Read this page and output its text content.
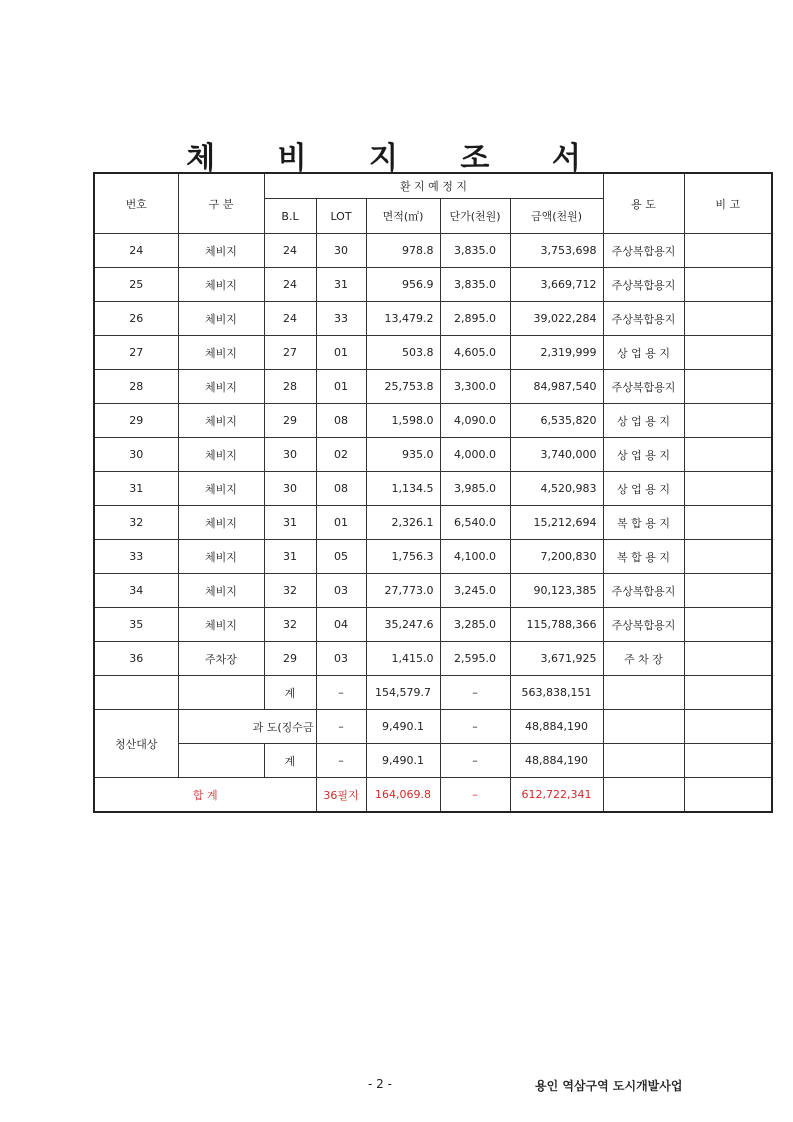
체 비 지 조 서
번호	구 분	환 지 예 정 지					용 도	비 고
		B.L	LOT	면적(㎡)	단가(천원)	금액(천원)		
24	체비지	24	30	978.8	3,835.0	3,753,698	주상복합용지	
25	체비지	24	31	956.9	3,835.0	3,669,712	주상복합용지	
26	체비지	24	33	13,479.2	2,895.0	39,022,284	주상복합용지	
27	체비지	27	01	503.8	4,605.0	2,319,999	상 업 용 지	
28	체비지	28	01	25,753.8	3,300.0	84,987,540	주상복합용지	
29	체비지	29	08	1,598.0	4,090.0	6,535,820	상 업 용 지	
30	체비지	30	02	935.0	4,000.0	3,740,000	상 업 용 지	
31	체비지	30	08	1,134.5	3,985.0	4,520,983	상 업 용 지	
32	체비지	31	01	2,326.1	6,540.0	15,212,694	복 합 용 지	
33	체비지	31	05	1,756.3	4,100.0	7,200,830	복 합 용 지	
34	체비지	32	03	27,773.0	3,245.0	90,123,385	주상복합용지	
35	체비지	32	04	35,247.6	3,285.0	115,788,366	주상복합용지	
36	주차장	29	03	1,415.0	2,595.0	3,671,925	주 차 장	
		계	–	154,579.7	–	563,838,151		
청산대상	과 도(징수금		–	9,490.1	–	48,884,190		
		계	–	9,490.1	–	48,884,190		
합 계			36필지	164,069.8	–	612,722,341		
- 2 -	용인 역삼구역 도시개발사업
